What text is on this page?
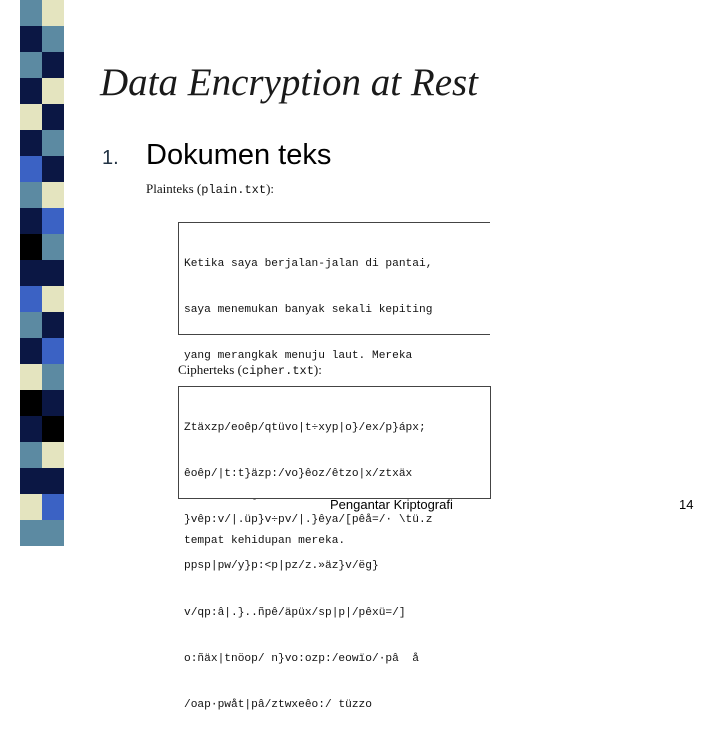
Data Encryption at Rest
1. Dokumen teks
Plainteks (plain.txt):

Ketika saya berjalan-jalan di pantai,

saya menemukan banyak sekali kepiting

yang merangkak menuju laut. Mereka

tempat kehidupan mereka.

Cipherteks (cipher.txt):

Ztäxzp/eoêp/qtüvo|t÷xyp|o}/ex/p}ápx;

êoêp/|t:t}äzp:/vo}êoz/êtzo|x/ztxäx

}vêp:v/|.üp}v÷pv/|.}êya/[pêå=/· \tü.z

ppsp|pw/y}p:<p|pz/z.»äz}v/ëg}

v/qp:â|.}..ñpê/äpüx/sp|p|/pêxü=/]

o:ñäx|tnöop/ n}vo:ozp:/eowïo/·pâ  å

/oap·pwåt|pâ/ztwxeêo:/ tüzzo

Pengantar Kriptografi	14
